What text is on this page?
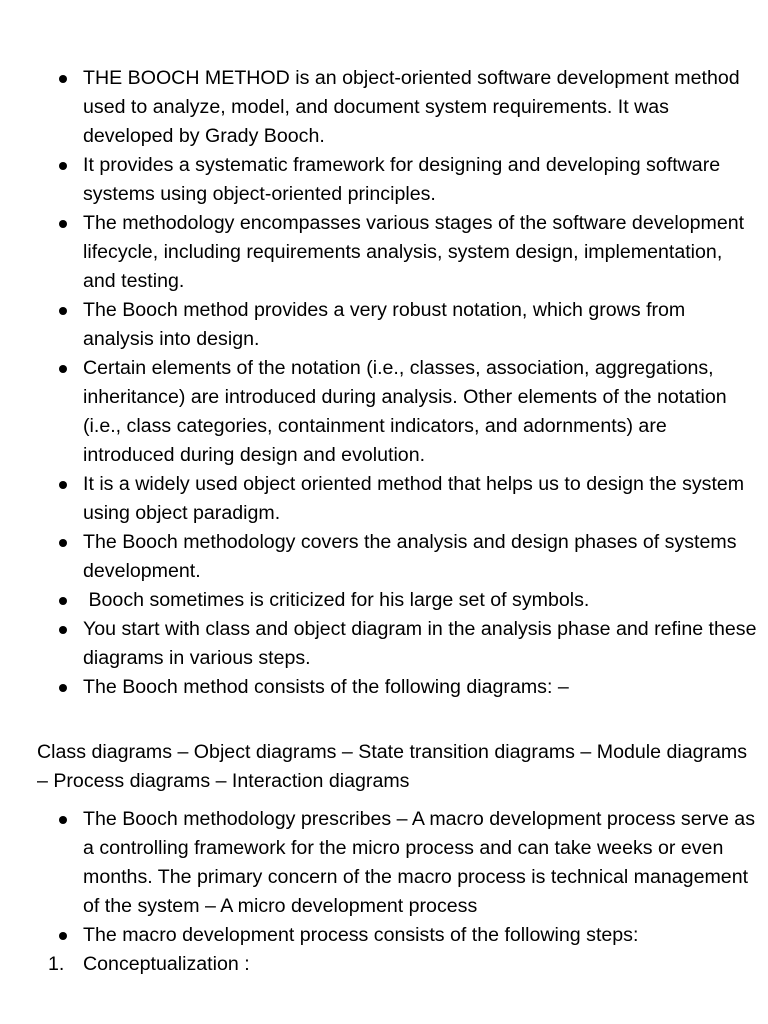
THE BOOCH METHOD is an object-oriented software development method used to analyze, model, and document system requirements. It was developed by Grady Booch.
It provides a systematic framework for designing and developing software systems using object-oriented principles.
The methodology encompasses various stages of the software development lifecycle, including requirements analysis, system design, implementation, and testing.
The Booch method provides a very robust notation, which grows from analysis into design.
Certain elements of the notation (i.e., classes, association, aggregations, inheritance) are introduced during analysis. Other elements of the notation (i.e., class categories, containment indicators, and adornments) are introduced during design and evolution.
It is a widely used object oriented method that helps us to design the system using object paradigm.
The Booch methodology covers the analysis and design phases of systems development.
Booch sometimes is criticized for his large set of symbols.
You start with class and object diagram in the analysis phase and refine these diagrams in various steps.
The Booch method consists of the following diagrams: –

Class diagrams – Object diagrams – State transition diagrams – Module diagrams – Process diagrams – Interaction diagrams

The Booch methodology prescribes – A macro development process serve as a controlling framework for the micro process and can take weeks or even months. The primary concern of the macro process is technical management of the system – A micro development process
The macro development process consists of the following steps:
1. Conceptualization :
